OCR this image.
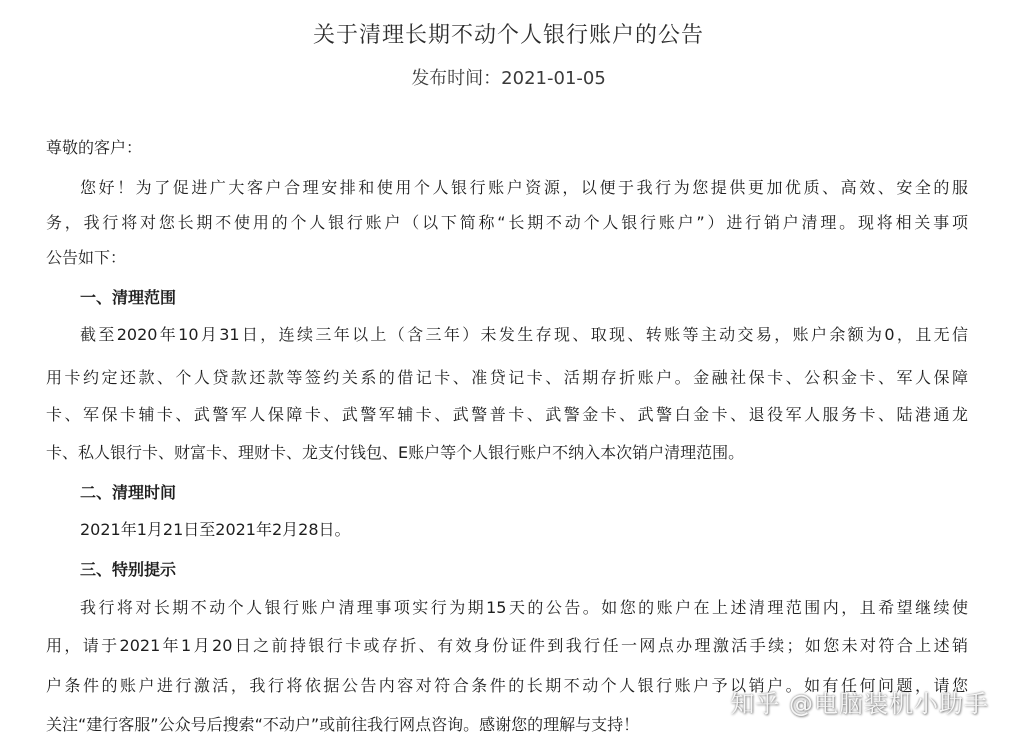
关于清理长期不动个人银行账户的公告
发布时间：2021-01-05
尊敬的客户：
您好！为了促进广大客户合理安排和使用个人银行账户资源，以便于我行为您提供更加优质、高效、安全的服
务，我行将对您长期不使用的个人银行账户（以下简称“长期不动个人银行账户”）进行销户清理。现将相关事项
公告如下：
一、清理范围
截至2020年10月31日，连续三年以上（含三年）未发生存现、取现、转账等主动交易，账户余额为0，且无信
用卡约定还款、个人贷款还款等签约关系的借记卡、准贷记卡、活期存折账户。金融社保卡、公积金卡、军人保障
卡、军保卡辅卡、武警军人保障卡、武警军辅卡、武警普卡、武警金卡、武警白金卡、退役军人服务卡、陆港通龙
卡、私人银行卡、财富卡、理财卡、龙支付钱包、E账户等个人银行账户不纳入本次销户清理范围。
二、清理时间
2021年1月21日至2021年2月28日。
三、特别提示
我行将对长期不动个人银行账户清理事项实行为期15天的公告。如您的账户在上述清理范围内，且希望继续使
用，请于2021年1月20日之前持银行卡或存折、有效身份证件到我行任一网点办理激活手续；如您未对符合上述销
户条件的账户进行激活，我行将依据公告内容对符合条件的长期不动个人银行账户予以销户。如有任何问题，请您
关注“建行客服”公众号后搜索“不动户”或前往我行网点咨询。感谢您的理解与支持！
知乎 @电脑装机小助手
